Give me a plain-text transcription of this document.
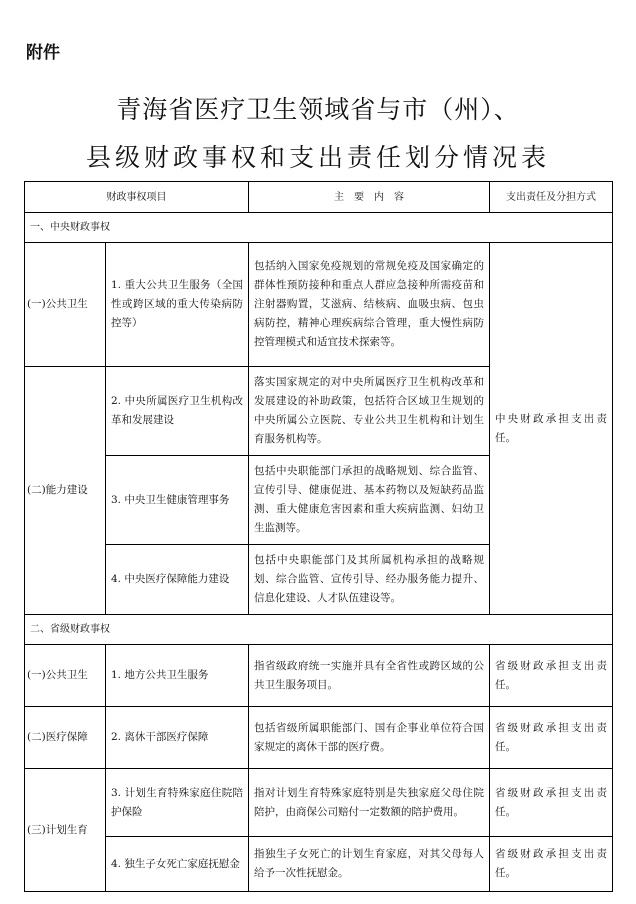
附件
青海省医疗卫生领域省与市（州）、
县级财政事权和支出责任划分情况表
财政事权项目		主　要　内　容	支出责任及分担方式
一、中央财政事权			
(一)公共卫生	1. 重大公共卫生服务（全国性或跨区域的重大传染病防控等）	包括纳入国家免疫规划的常规免疫及国家确定的群体性预防接种和重点人群应急接种所需疫苗和注射器购置，艾滋病、结核病、血吸虫病、包虫病防控，精神心理疾病综合管理，重大慢性病防控管理模式和适宜技术探索等。	中央财政承担支出责任。
(二)能力建设	2. 中央所属医疗卫生机构改革和发展建设	落实国家规定的对中央所属医疗卫生机构改革和发展建设的补助政策，包括符合区域卫生规划的中央所属公立医院、专业公共卫生机构和计划生育服务机构等。	
	3. 中央卫生健康管理事务	包括中央职能部门承担的战略规划、综合监管、宣传引导、健康促进、基本药物以及短缺药品监测、重大健康危害因素和重大疾病监测、妇幼卫生监测等。	
	4. 中央医疗保障能力建设	包括中央职能部门及其所属机构承担的战略规划、综合监管、宣传引导、经办服务能力提升、信息化建设、人才队伍建设等。	
二、省级财政事权			
(一)公共卫生	1. 地方公共卫生服务	指省级政府统一实施并具有全省性或跨区域的公共卫生服务项目。	省级财政承担支出责任。
(二)医疗保障	2. 离休干部医疗保障	包括省级所属职能部门、国有企事业单位符合国家规定的离休干部的医疗费。	省级财政承担支出责任。
(三)计划生育	3. 计划生育特殊家庭住院陪护保险	指对计划生育特殊家庭特别是失独家庭父母住院陪护，由商保公司赔付一定数额的陪护费用。	省级财政承担支出责任。
	4. 独生子女死亡家庭抚慰金	指独生子女死亡的计划生育家庭，对其父母每人给予一次性抚慰金。	省级财政承担支出责任。
